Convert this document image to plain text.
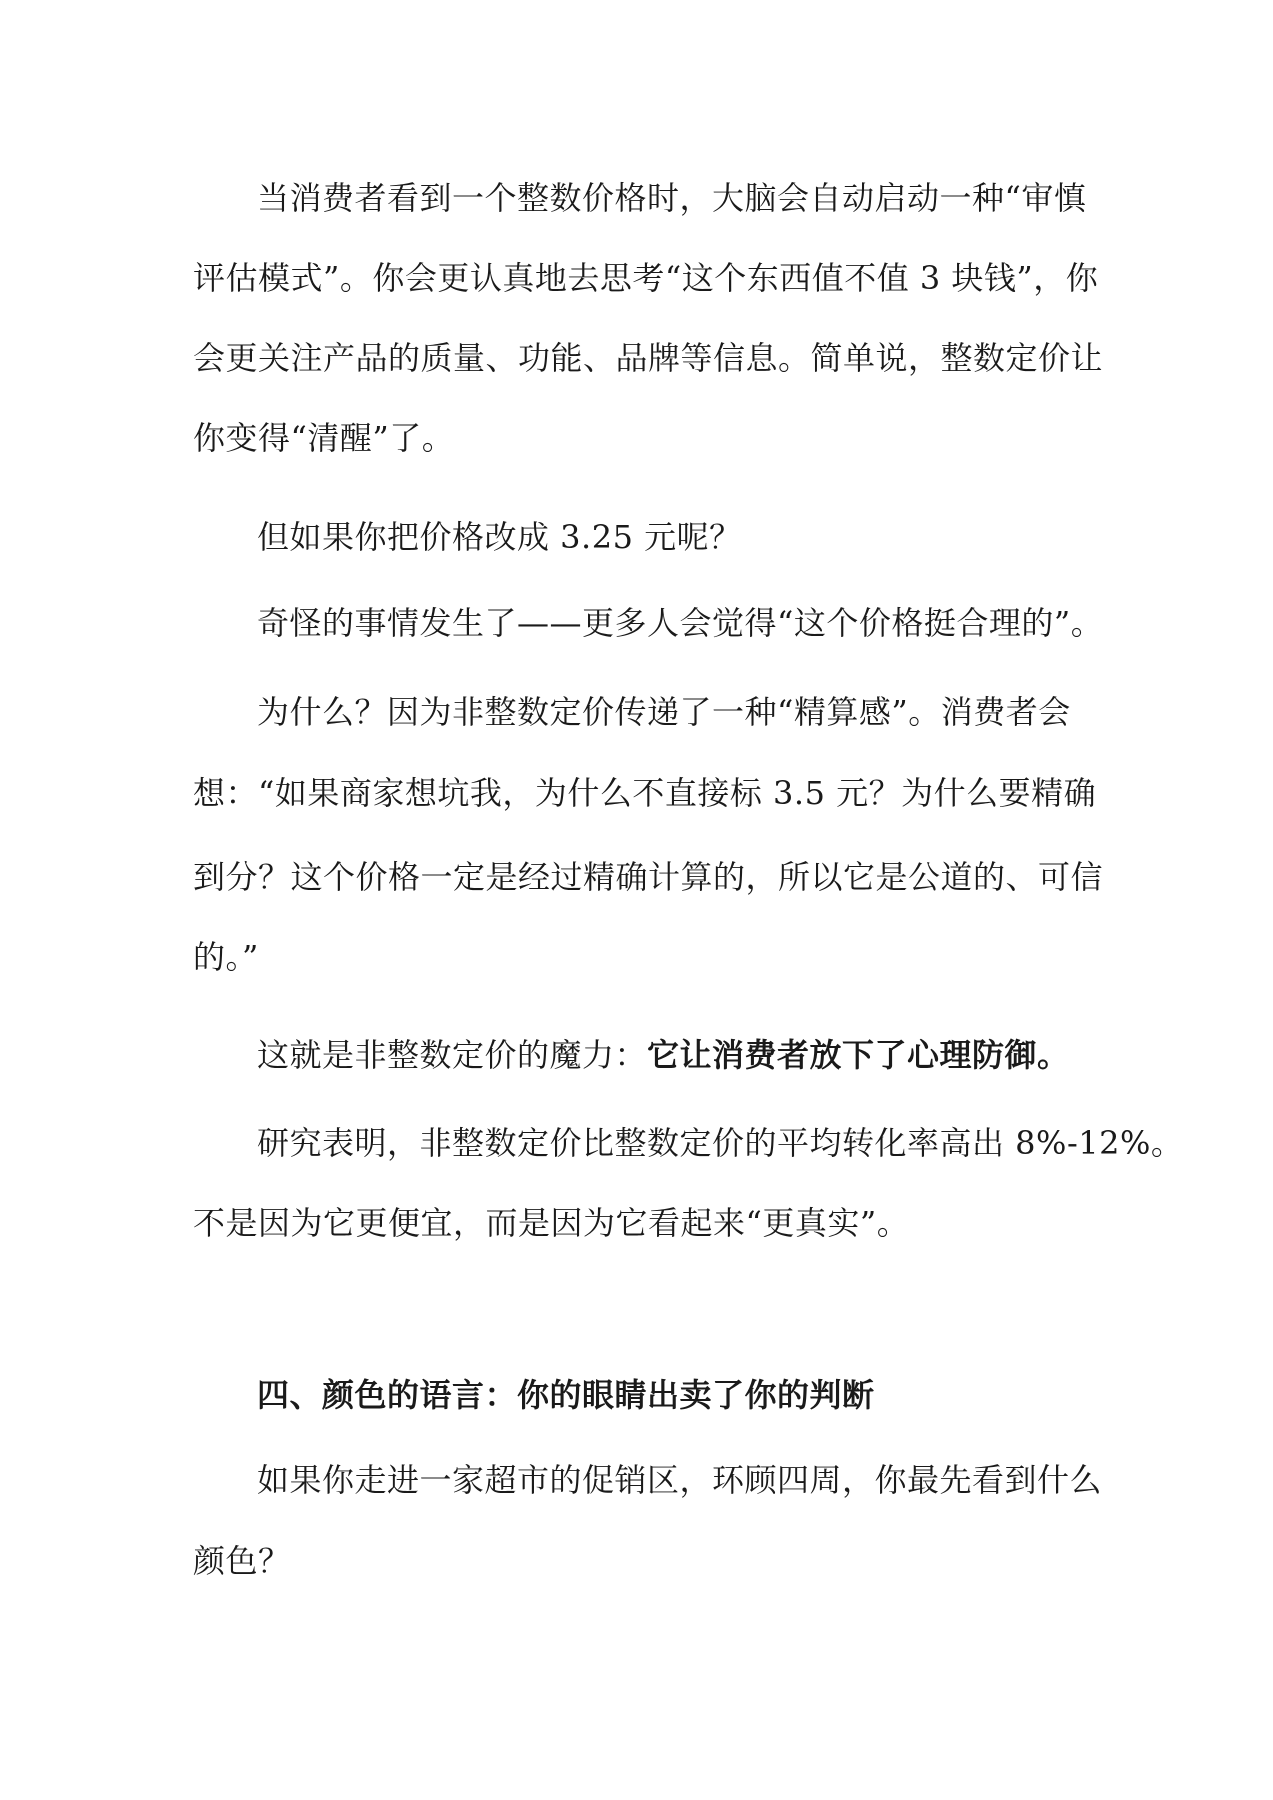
当消费者看到一个整数价格时，大脑会自动启动一种“审慎
评估模式”。你会更认真地去思考“这个东西值不值 3 块钱”，你
会更关注产品的质量、功能、品牌等信息。简单说，整数定价让
你变得“清醒”了。
但如果你把价格改成 3.25 元呢？
奇怪的事情发生了——更多人会觉得“这个价格挺合理的”。
为什么？因为非整数定价传递了一种“精算感”。消费者会
想：“如果商家想坑我，为什么不直接标 3.5 元？为什么要精确
到分？这个价格一定是经过精确计算的，所以它是公道的、可信
的。”
这就是非整数定价的魔力：它让消费者放下了心理防御。
研究表明，非整数定价比整数定价的平均转化率高出 8%-12%。
不是因为它更便宜，而是因为它看起来“更真实”。
四、颜色的语言：你的眼睛出卖了你的判断
如果你走进一家超市的促销区，环顾四周，你最先看到什么
颜色？
